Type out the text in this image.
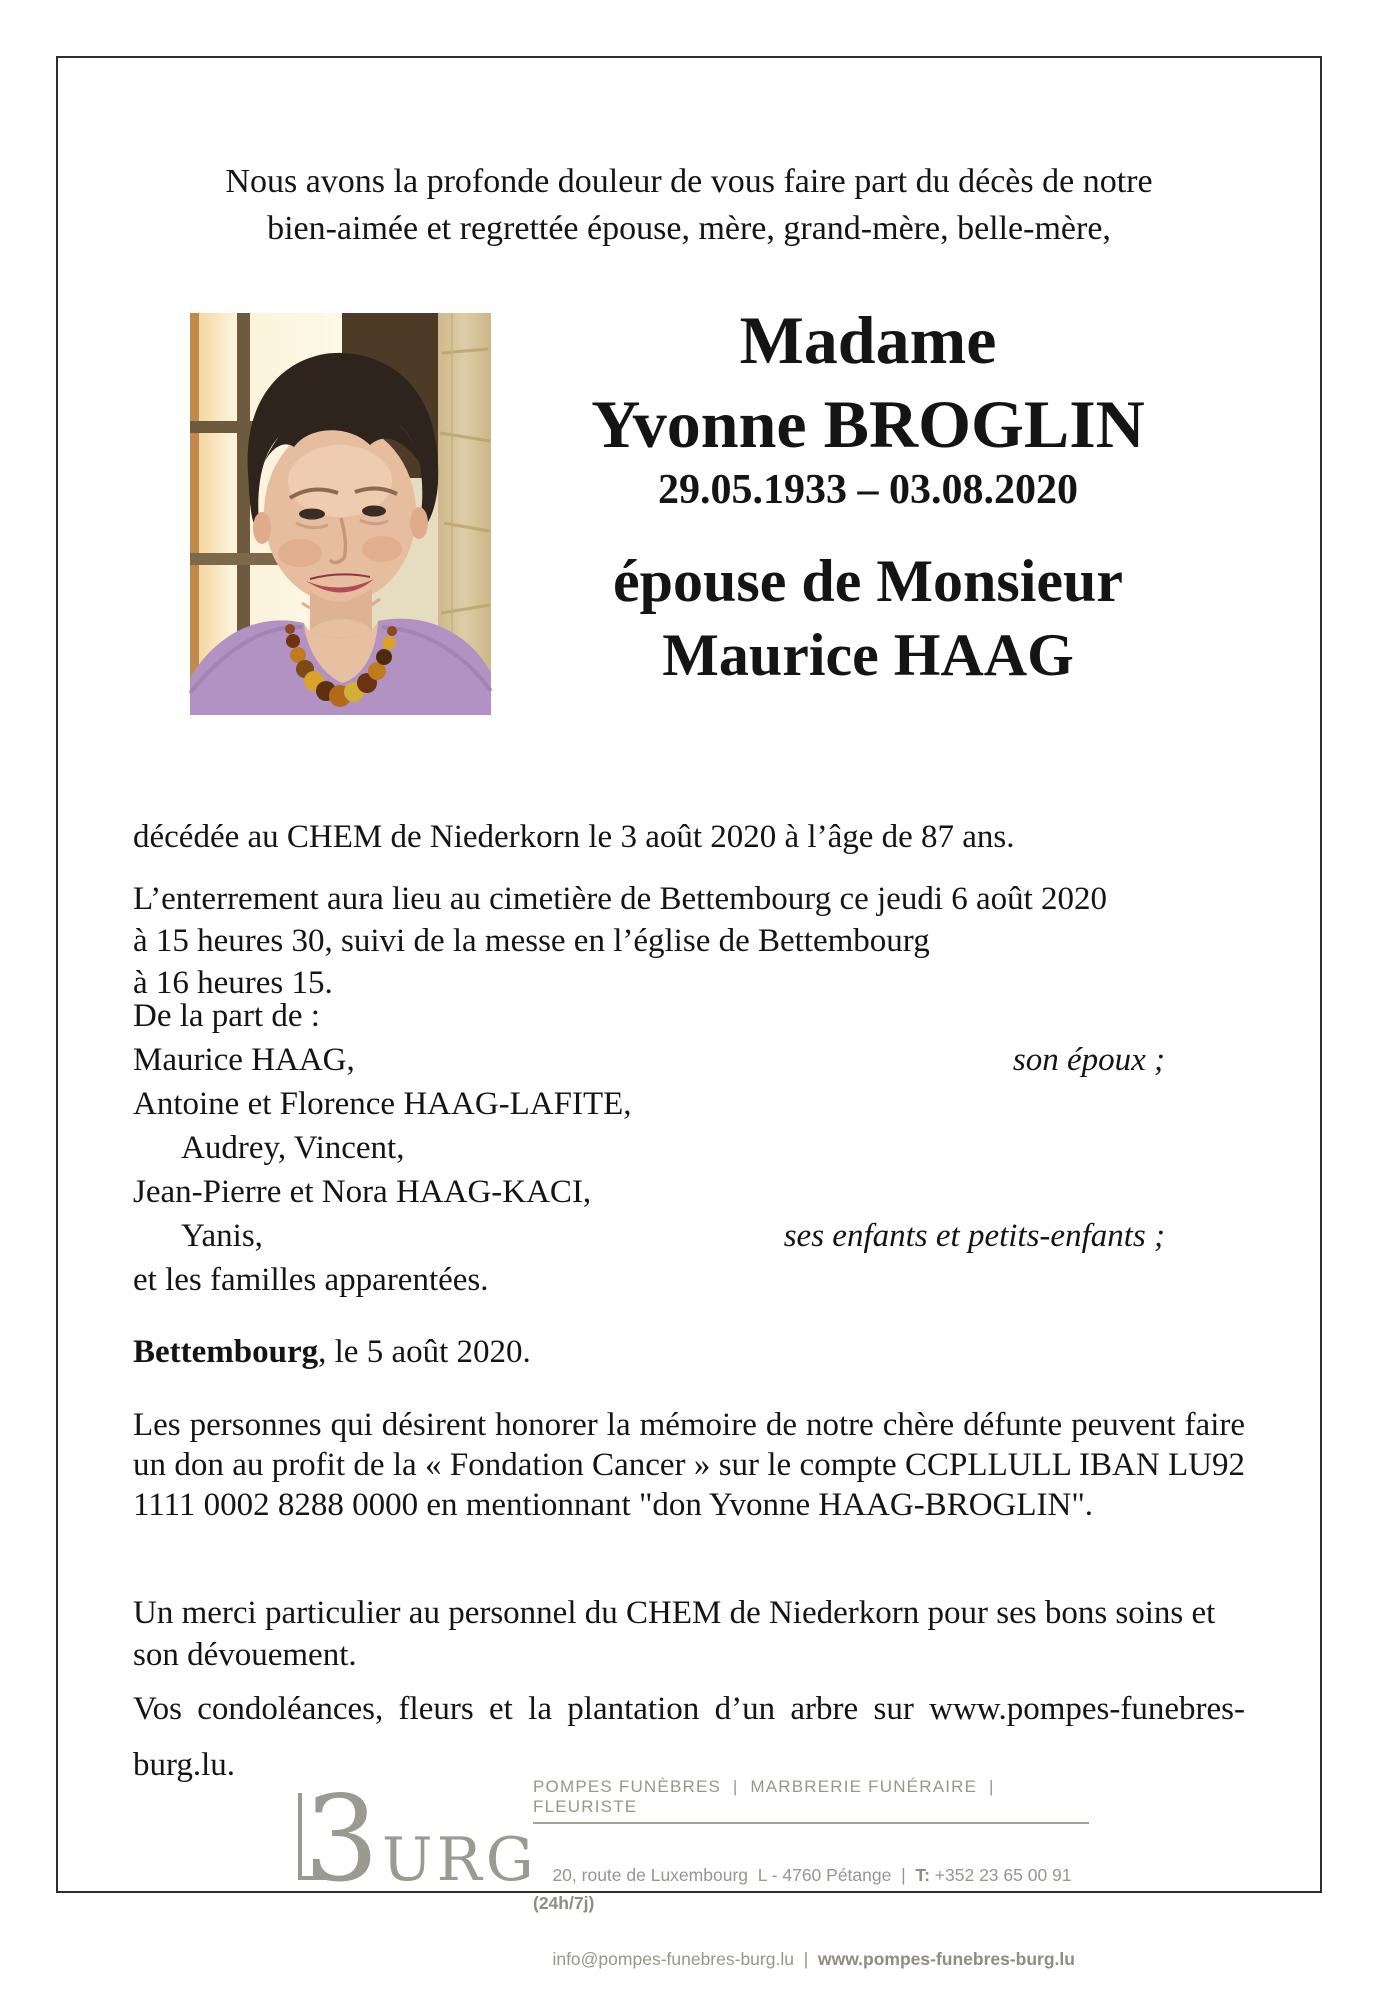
Nous avons la profonde douleur de vous faire part du décès de notre
bien-aimée et regrettée épouse, mère, grand-mère, belle-mère,
Madame
Yvonne BROGLIN
29.05.1933 – 03.08.2020
épouse de Monsieur
Maurice HAAG

décédée au CHEM de Niederkorn le 3 août 2020 à l’âge de 87 ans.

L’enterrement aura lieu au cimetière de Bettembourg ce jeudi 6 août 2020
à 15 heures 30, suivi de la messe en l’église de Bettembourg
à 16 heures 15.

De la part de :
Maurice HAAG,	son époux ;
Antoine et Florence HAAG-LAFITE,
Audrey, Vincent,
Jean-Pierre et Nora HAAG-KACI,
Yanis,	ses enfants et petits-enfants ;
et les familles apparentées.

Bettembourg, le 5 août 2020.

Les personnes qui désirent honorer la mémoire de notre chère défunte peuvent faire un don au profit de la « Fondation Cancer » sur le compte CCPLLULL IBAN LU92 1111 0002 8288 0000 en mentionnant "don Yvonne HAAG-BROGLIN".

Un merci particulier au personnel du CHEM de Niederkorn pour ses bons soins et son dévouement.

Vos condoléances, fleurs et la plantation d’un arbre sur www.pompes-funebres-burg.lu.

3 URG
POMPES FUNÈBRES  |  MARBRERIE FUNÉRAIRE  |  FLEURISTE

20, route de Luxembourg  L - 4760 Pétange  |  T: +352 23 65 00 91 (24h/7j)

info@pompes-funebres-burg.lu  |  www.pompes-funebres-burg.lu
